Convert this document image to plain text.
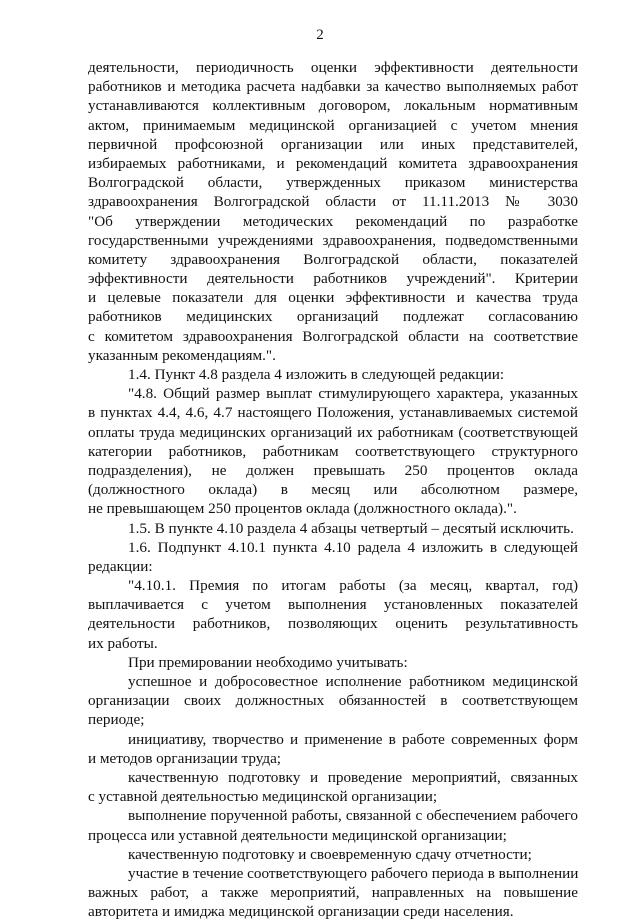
2
деятельности, периодичность оценки эффективности деятельности
работников и методика расчета надбавки за качество выполняемых работ
устанавливаются коллективным договором, локальным нормативным
актом, принимаемым медицинской организацией с учетом мнения
первичной профсоюзной организации или иных представителей,
избираемых работниками, и рекомендаций комитета здравоохранения
Волгоградской области, утвержденных приказом министерства
здравоохранения Волгоградской области от 11.11.2013 № 3030
"Об утверждении методических рекомендаций по разработке
государственными учреждениями здравоохранения, подведомственными
комитету здравоохранения Волгоградской области, показателей
эффективности деятельности работников учреждений". Критерии
и целевые показатели для оценки эффективности и качества труда
работников медицинских организаций подлежат согласованию
с комитетом здравоохранения Волгоградской области на соответствие
указанным рекомендациям.".
1.4. Пункт 4.8 раздела 4 изложить в следующей редакции:
"4.8. Общий размер выплат стимулирующего характера, указанных
в пунктах 4.4, 4.6, 4.7 настоящего Положения, устанавливаемых системой
оплаты труда медицинских организаций их работникам (соответствующей
категории работников, работникам соответствующего структурного
подразделения), не должен превышать 250 процентов оклада
(должностного оклада) в месяц или абсолютном размере,
не превышающем 250 процентов оклада (должностного оклада).".
1.5. В пункте 4.10 раздела 4 абзацы четвертый – десятый исключить.
1.6. Подпункт 4.10.1 пункта 4.10 радела 4 изложить в следующей
редакции:
"4.10.1. Премия по итогам работы (за месяц, квартал, год)
выплачивается с учетом выполнения установленных показателей
деятельности работников, позволяющих оценить результативность
их работы.
При премировании необходимо учитывать:
успешное и добросовестное исполнение работником медицинской
организации своих должностных обязанностей в соответствующем
периоде;
инициативу, творчество и применение в работе современных форм
и методов организации труда;
качественную подготовку и проведение мероприятий, связанных
с уставной деятельностью медицинской организации;
выполнение порученной работы, связанной с обеспечением рабочего
процесса или уставной деятельности медицинской организации;
качественную подготовку и своевременную сдачу отчетности;
участие в течение соответствующего рабочего периода в выполнении
важных работ, а также мероприятий, направленных на повышение
авторитета и имиджа медицинской организации среди населения.
